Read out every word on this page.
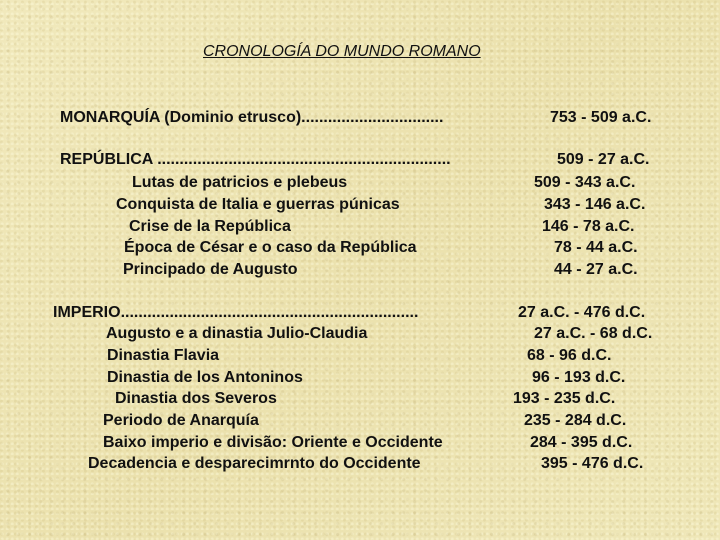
CRONOLOGÍA DO MUNDO ROMANO
MONARQUÍA (Dominio etrusco)................................	753 - 509 a.C.
REPÚBLICA ..................................................................	509 - 27 a.C.
Lutas de patricios e plebeus	509 - 343 a.C.
Conquista de Italia e guerras púnicas	343 - 146 a.C.
Crise de la República	146 - 78 a.C.
Época de César e o caso da República	78 - 44 a.C.
Principado de Augusto	44 - 27 a.C.
IMPERIO...................................................................	27 a.C. - 476 d.C.
Augusto e a dinastia Julio-Claudia	27 a.C. - 68 d.C.
Dinastia Flavia	68 - 96 d.C.
Dinastia de los Antoninos	96 - 193 d.C.
Dinastia dos Severos	193 - 235 d.C.
Periodo de Anarquía	235 - 284 d.C.
Baixo imperio e divisão: Oriente e Occidente	284 - 395 d.C.
Decadencia e desparecimrnto do Occidente	395 - 476 d.C.
